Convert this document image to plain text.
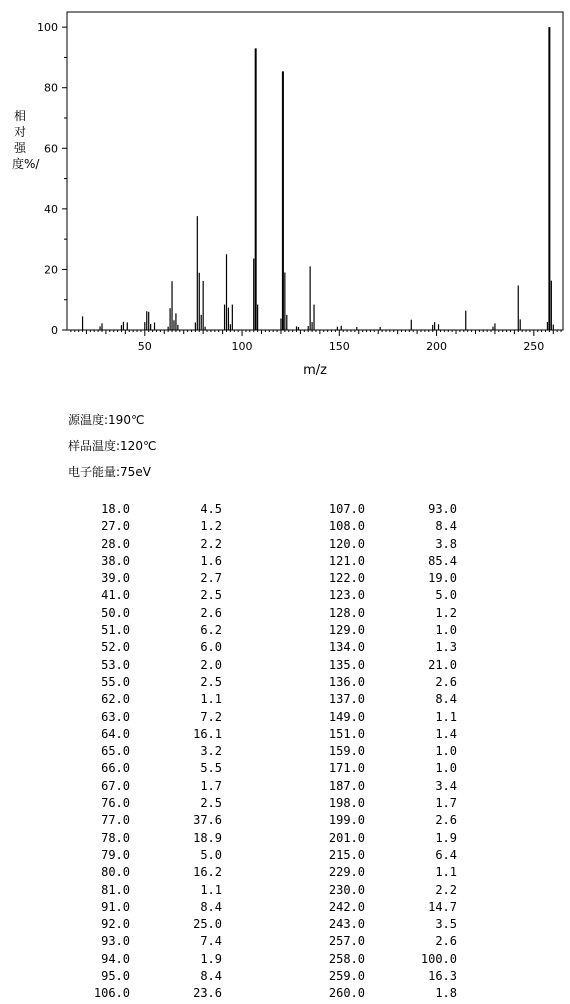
0
20
40
60
80
100
50	100	150	200	250
m/z
相对强度%/
源温度:190℃
样品温度:120℃
电子能量:75eV
18.0	4.5
27.0	1.2
28.0	2.2
38.0	1.6
39.0	2.7
41.0	2.5
50.0	2.6
51.0	6.2
52.0	6.0
53.0	2.0
55.0	2.5
62.0	1.1
63.0	7.2
64.0	16.1
65.0	3.2
66.0	5.5
67.0	1.7
76.0	2.5
77.0	37.6
78.0	18.9
79.0	5.0
80.0	16.2
81.0	1.1
91.0	8.4
92.0	25.0
93.0	7.4
94.0	1.9
95.0	8.4
106.0	23.6
107.0	93.0
108.0	8.4
120.0	3.8
121.0	85.4
122.0	19.0
123.0	5.0
128.0	1.2
129.0	1.0
134.0	1.3
135.0	21.0
136.0	2.6
137.0	8.4
149.0	1.1
151.0	1.4
159.0	1.0
171.0	1.0
187.0	3.4
198.0	1.7
199.0	2.6
201.0	1.9
215.0	6.4
229.0	1.1
230.0	2.2
242.0	14.7
243.0	3.5
257.0	2.6
258.0	100.0
259.0	16.3
260.0	1.8
